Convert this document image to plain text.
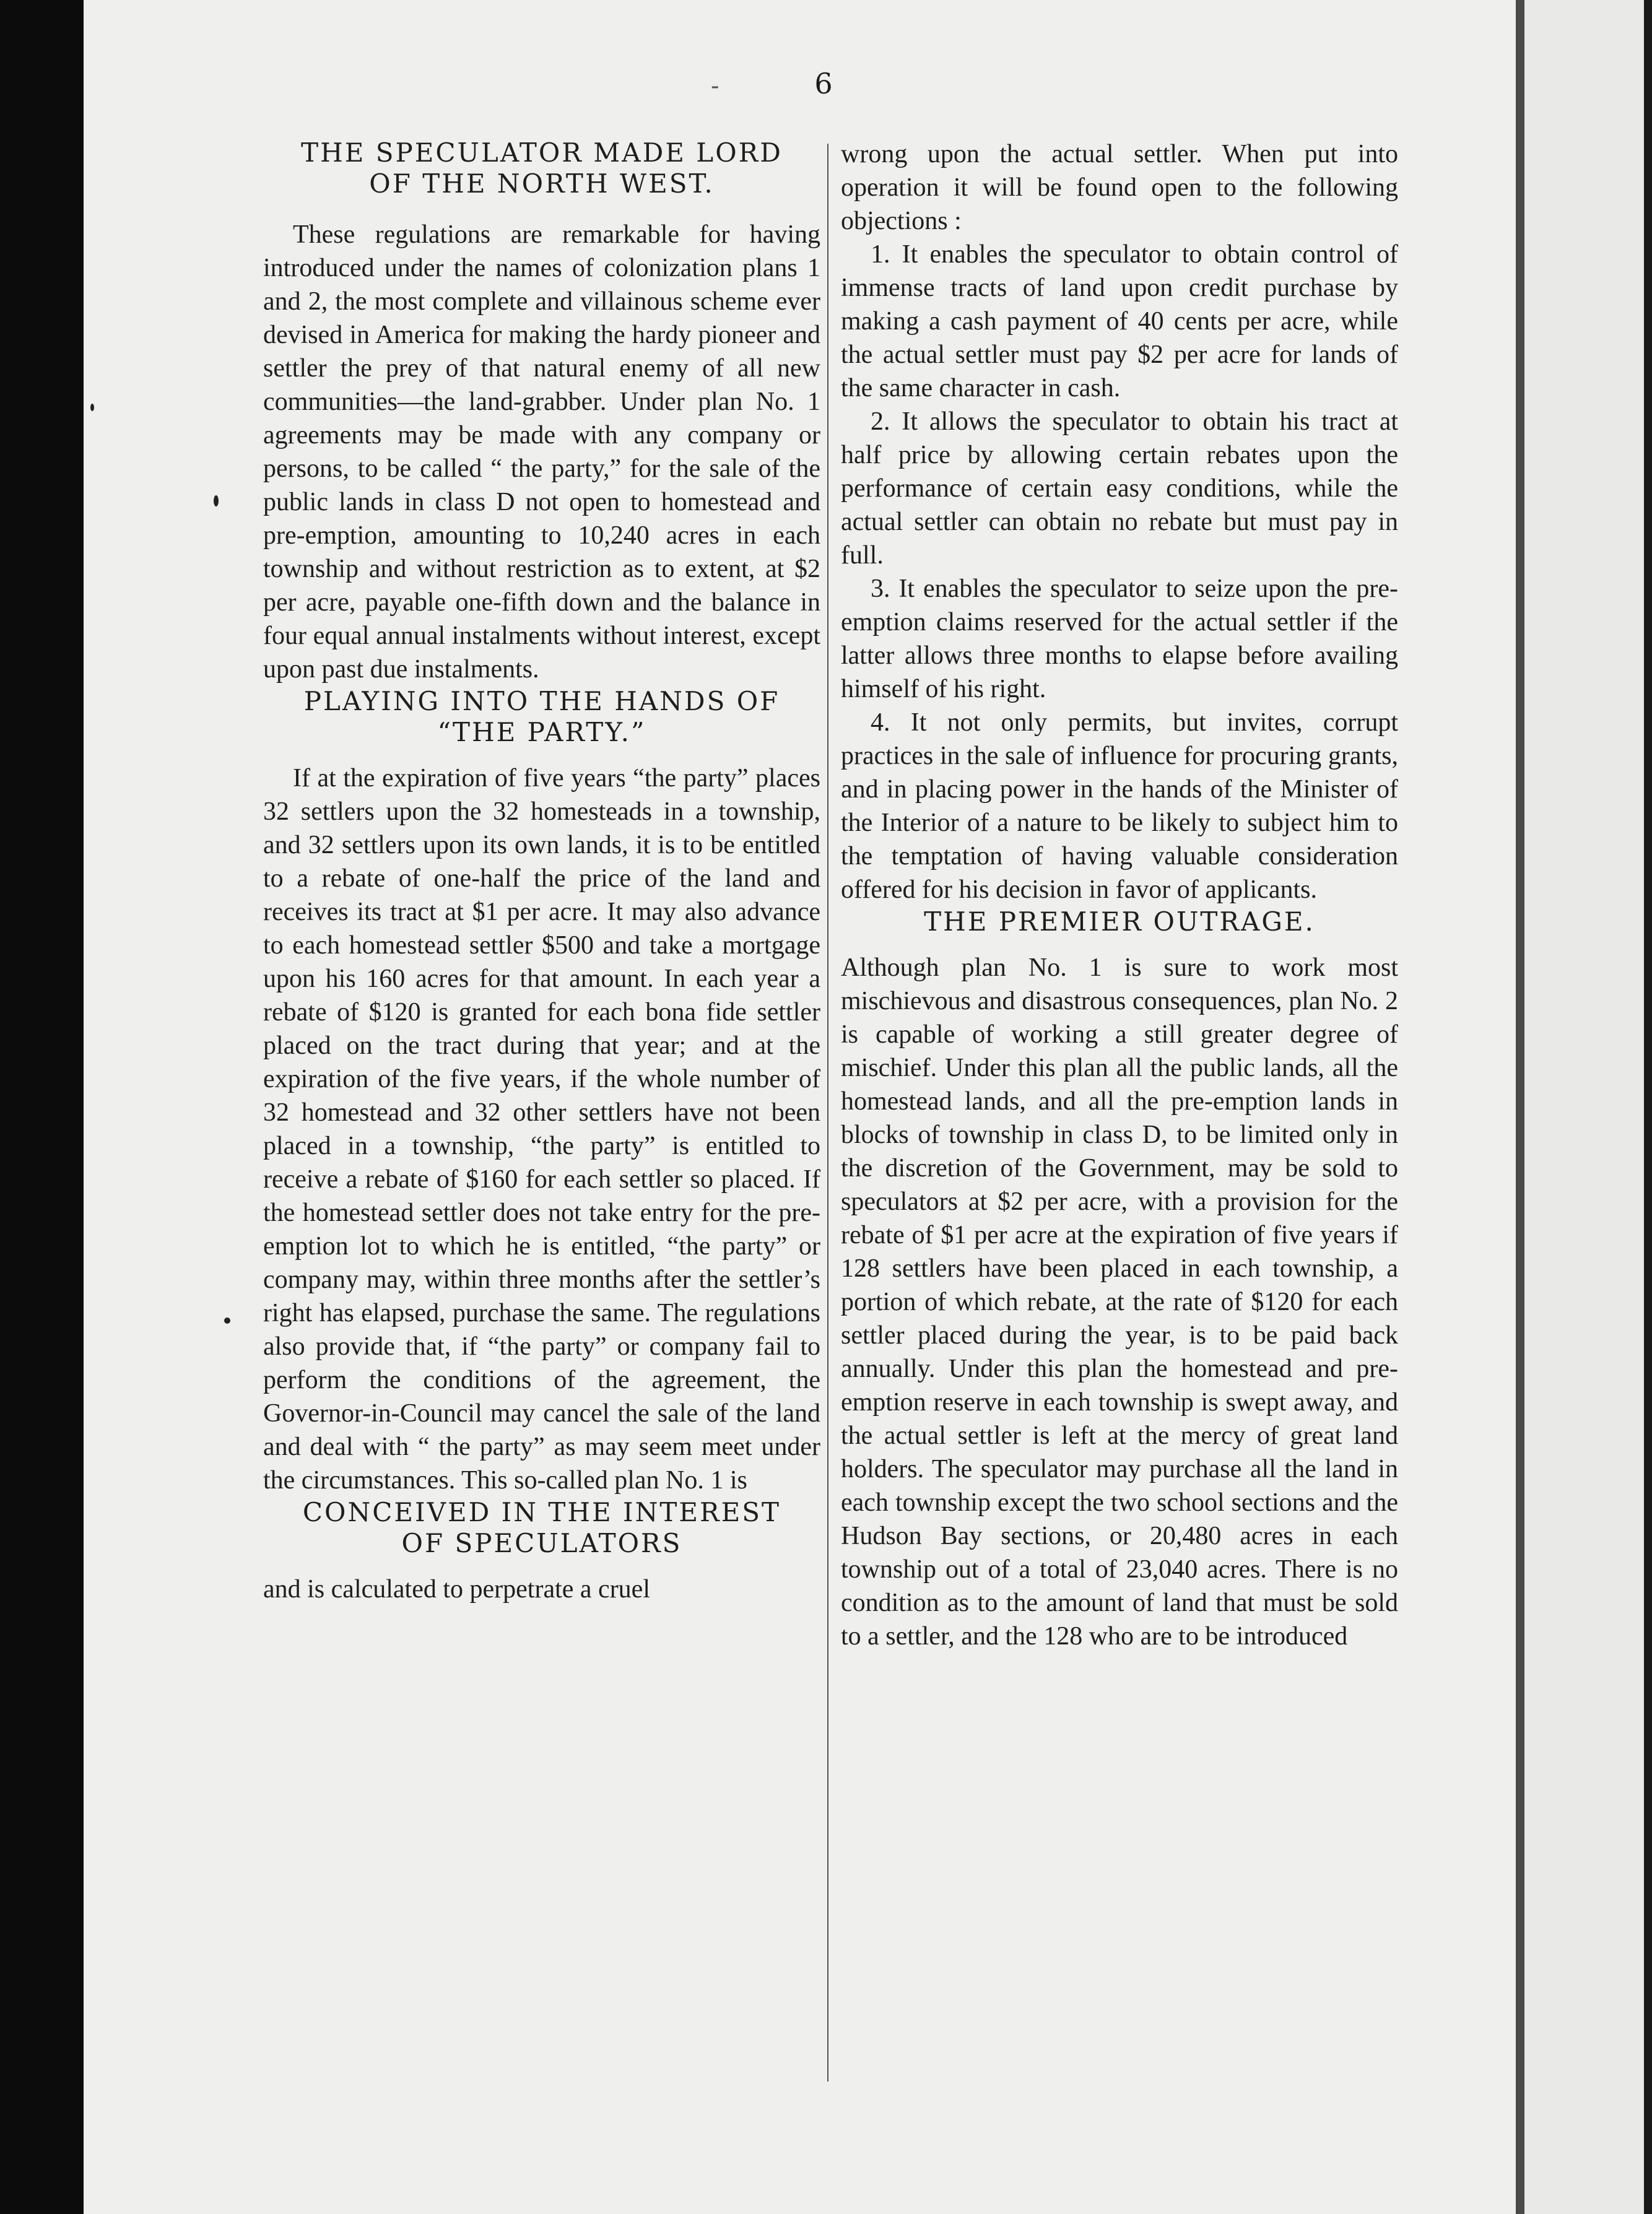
-	6
THE SPECULATOR MADE LORD
OF THE NORTH WEST.

These regulations are remarkable for having introduced under the names of colonization plans 1 and 2, the most complete and villainous scheme ever devised in America for making the hardy pioneer and settler the prey of that natural enemy of all new communities—the land-grabber. Under plan No. 1 agreements may be made with any company or persons, to be called “ the party,” for the sale of the public lands in class D not open to homestead and pre-emption, amounting to 10,240 acres in each township and without restriction as to extent, at $2 per acre, payable one-fifth down and the balance in four equal annual instalments without interest, except upon past due instalments.

PLAYING INTO THE HANDS OF
“THE PARTY.”

If at the expiration of five years “the party” places 32 settlers upon the 32 homesteads in a township, and 32 settlers upon its own lands, it is to be entitled to a rebate of one-half the price of the land and receives its tract at $1 per acre. It may also advance to each homestead settler $500 and take a mortgage upon his 160 acres for that amount. In each year a rebate of $120 is granted for each bona fide settler placed on the tract during that year; and at the expiration of the five years, if the whole number of 32 homestead and 32 other settlers have not been placed in a township, “the party” is entitled to receive a rebate of $160 for each settler so placed. If the homestead settler does not take entry for the pre-emption lot to which he is entitled, “the party” or company may, within three months after the settler’s right has elapsed, purchase the same. The regulations also provide that, if “the party” or company fail to perform the conditions of the agreement, the Governor-in-Council may cancel the sale of the land and deal with “ the party” as may seem meet under the circumstances. This so-called plan No. 1 is

CONCEIVED IN THE INTEREST
OF SPECULATORS

and is calculated to perpetrate a cruel

wrong upon the actual settler. When put into operation it will be found open to the following objections :

1. It enables the speculator to obtain control of immense tracts of land upon credit purchase by making a cash payment of 40 cents per acre, while the actual settler must pay $2 per acre for lands of the same character in cash.

2. It allows the speculator to obtain his tract at half price by allowing certain rebates upon the performance of certain easy conditions, while the actual settler can obtain no rebate but must pay in full.

3. It enables the speculator to seize upon the pre-emption claims reserved for the actual settler if the latter allows three months to elapse before availing himself of his right.

4. It not only permits, but invites, corrupt practices in the sale of influence for procuring grants, and in placing power in the hands of the Minister of the Interior of a nature to be likely to subject him to the temptation of having valuable consideration offered for his decision in favor of applicants.

THE PREMIER OUTRAGE.

Although plan No. 1 is sure to work most mischievous and disastrous consequences, plan No. 2 is capable of working a still greater degree of mischief. Under this plan all the public lands, all the homestead lands, and all the pre-emption lands in blocks of township in class D, to be limited only in the discretion of the Government, may be sold to speculators at $2 per acre, with a provision for the rebate of $1 per acre at the expiration of five years if 128 settlers have been placed in each township, a portion of which rebate, at the rate of $120 for each settler placed during the year, is to be paid back annually. Under this plan the homestead and pre-emption reserve in each township is swept away, and the actual settler is left at the mercy of great land holders. The speculator may purchase all the land in each township except the two school sections and the Hudson Bay sections, or 20,480 acres in each township out of a total of 23,040 acres. There is no condition as to the amount of land that must be sold to a settler, and the 128 who are to be introduced
